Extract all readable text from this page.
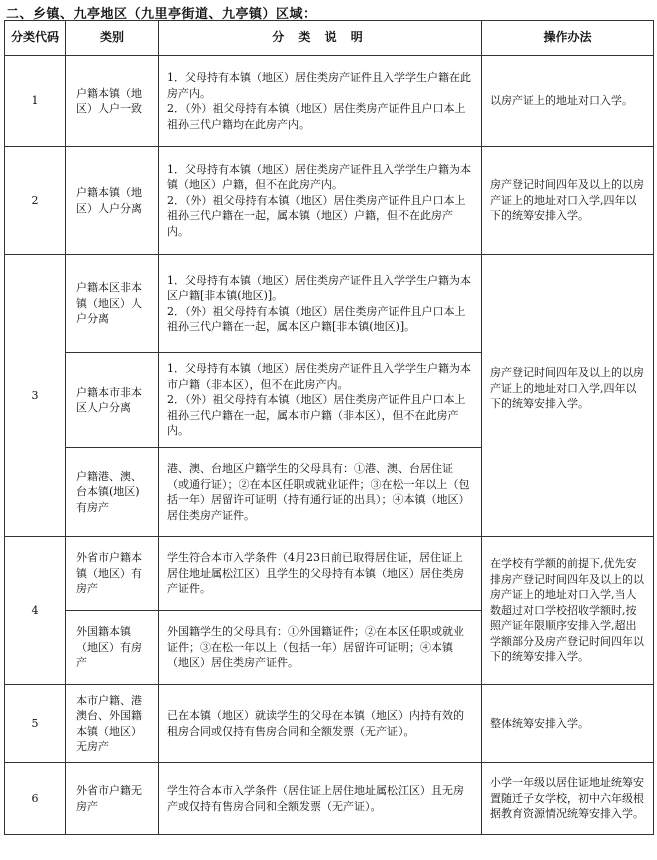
二、乡镇、九亭地区（九里亭街道、九亭镇）区域：
分类代码	类别	分 类 说 明	操作办法
1	户籍本镇（地区）人户一致	1．父母持有本镇（地区）居住类房产证件且入学学生户籍在此房产内。
2．（外）祖父母持有本镇（地区）居住类房产证件且户口本上祖孙三代户籍均在此房产内。	以房产证上的地址对口入学。
2	户籍本镇（地区）人户分离	1．父母持有本镇（地区）居住类房产证件且入学学生户籍为本镇（地区）户籍，但不在此房产内。
2．（外）祖父母持有本镇（地区）居住类房产证件且户口本上祖孙三代户籍在一起，属本镇（地区）户籍，但不在此房产内。	房产登记时间四年及以上的以房产证上的地址对口入学,四年以下的统筹安排入学。
3	户籍本区非本镇（地区）人户分离	1．父母持有本镇（地区）居住类房产证件且入学学生户籍为本区户籍[非本镇(地区)]。
2．（外）祖父母持有本镇（地区）居住类房产证件且户口本上祖孙三代户籍在一起，属本区户籍[非本镇(地区)]。	房产登记时间四年及以上的以房产证上的地址对口入学,四年以下的统筹安排入学。
	户籍本市非本区人户分离	1．父母持有本镇（地区）居住类房产证件且入学学生户籍为本市户籍（非本区），但不在此房产内。
2．（外）祖父母持有本镇（地区）居住类房产证件且户口本上祖孙三代户籍在一起，属本市户籍（非本区），但不在此房产内。	

	户籍港、澳、台本镇(地区)有房产	港、澳、台地区户籍学生的父母具有：①港、澳、台居住证（或通行证）；②在本区任职或就业证件；③在松一年以上（包括一年）居留许可证明（持有通行证的出具）；④本镇（地区）居住类房产证件。	

4	外省市户籍本镇（地区）有房产	学生符合本市入学条件（4月23日前已取得居住证，居住证上居住地址属松江区）且学生的父母持有本镇（地区）居住类房产证件。	在学校有学额的前提下,优先安排房产登记时间四年及以上的以房产证上的地址对口入学,当人数超过对口学校招收学额时,按照产证年限顺序安排入学,超出学额部分及房产登记时间四年以下的统筹安排入学。
	外国籍本镇（地区）有房产	外国籍学生的父母具有：①外国籍证件；②在本区任职或就业证件；③在松一年以上（包括一年）居留许可证明；④本镇（地区）居住类房产证件。	

5	本市户籍、港澳台、外国籍本镇（地区）无房产	已在本镇（地区）就读学生的父母在本镇（地区）内持有效的租房合同或仅持有售房合同和全额发票（无产证）。	整体统筹安排入学。
6	外省市户籍无房产	学生符合本市入学条件（居住证上居住地址属松江区）且无房产或仅持有售房合同和全额发票（无产证）。	小学一年级以居住证地址统筹安置随迁子女学校，初中六年级根据教育资源情况统筹安排入学。
